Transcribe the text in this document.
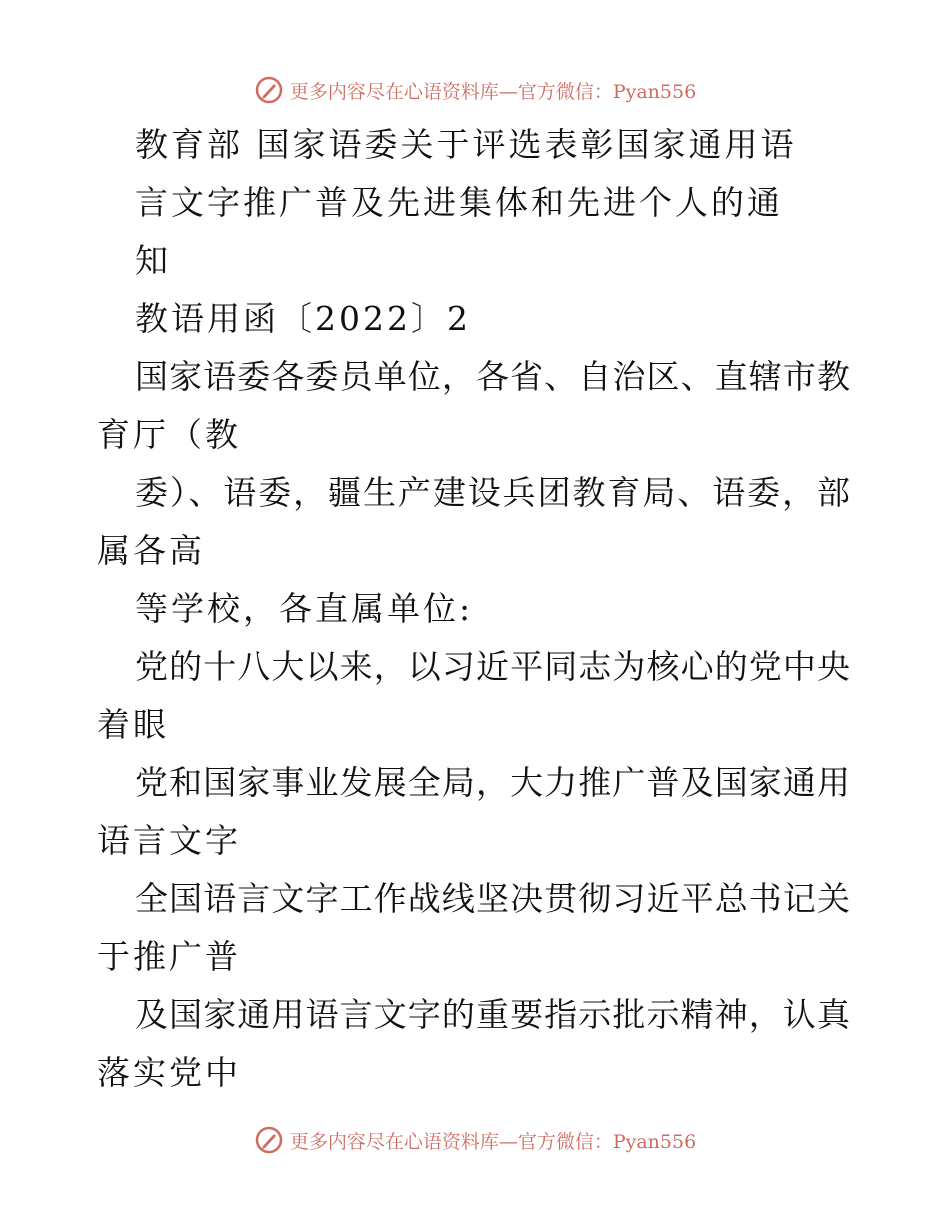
更多内容尽在心语资料库—官方微信：Pyan556
教育部 国家语委关于评选表彰国家通用语
言文字推广普及先进集体和先进个人的通
知
教语用函〔2022〕2
国家语委各委员单位，各省、自治区、直辖市教
育厅（教
委）、语委，疆生产建设兵团教育局、语委，部
属各高
等学校，各直属单位:
党的十八大以来，以习近平同志为核心的党中央
着眼
党和国家事业发展全局，大力推广普及国家通用
语言文字
全国语言文字工作战线坚决贯彻习近平总书记关
于推广普
及国家通用语言文字的重要指示批示精神，认真
落实党中
更多内容尽在心语资料库—官方微信：Pyan556
